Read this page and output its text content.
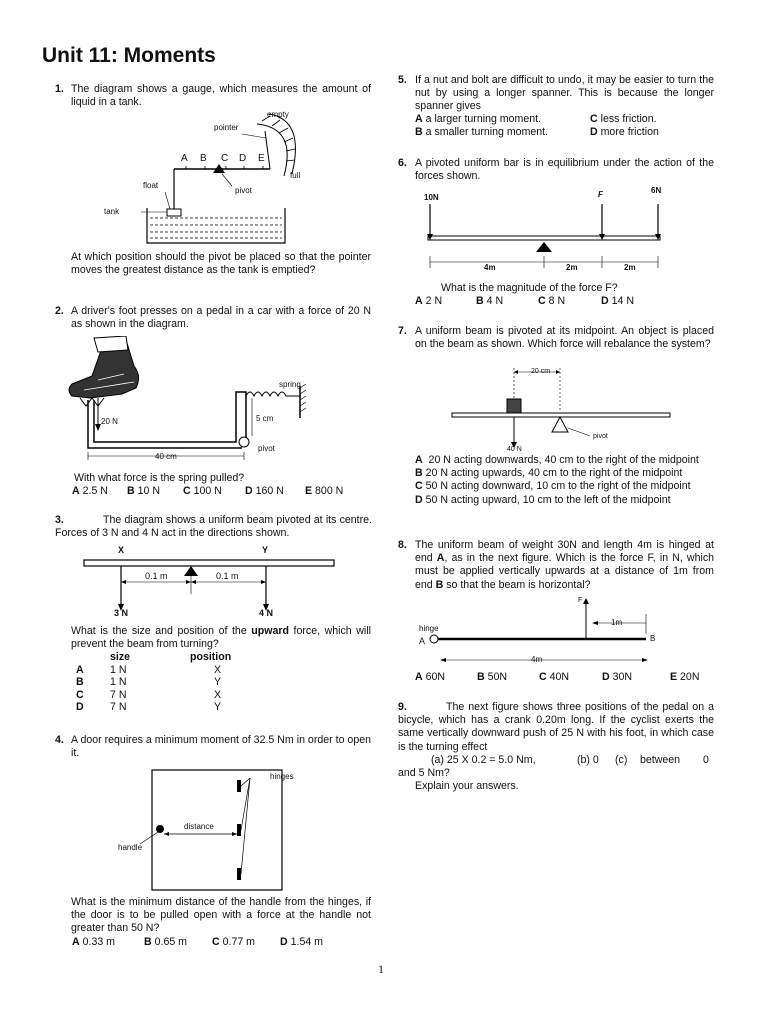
Unit 11: Moments
1. The diagram shows a gauge, which measures the amount of liquid in a tank.
empty
pointer
A B C D E
full
float
pivot
tank
At which position should the pivot be placed so that the pointer moves the greatest distance as the tank is emptied?
2. A driver's foot presses on a pedal in a car with a force of 20 N as shown in the diagram.
spring
20 N	5 cm
pivot
40 cm
With what force is the spring pulled?
A 2.5 N	B 10 N	C 100 N	D 160 N	E 800 N
3.	The diagram shows a uniform beam pivoted at its centre. Forces of 3 N and 4 N act in the directions shown.
X	Y
0.1 m	0.1 m
3 N	4 N
What is the size and position of the upward force, which will prevent the beam from turning?
	size	position
A	1 N	X
B	1 N	Y
C	7 N	X
D	7 N	Y
4. A door requires a minimum moment of 32.5 Nm in order to open it.
hinges
distance
handle
What is the minimum distance of the handle from the hinges, if the door is to be pulled open with a force at the handle not greater than 50 N?
A 0.33 m	B 0.65 m	C 0.77 m	D 1.54 m
5. If a nut and bolt are difficult to undo, it may be easier to turn the nut by using a longer spanner. This is because the longer spanner gives
A a larger turning moment.	C less friction.
B a smaller turning moment.	D more friction
6. A pivoted uniform bar is in equilibrium under the action of the forces shown.
10N	F	6N
4m	2m	2m
What is the magnitude of the force F?
A 2 N	B 4 N	C 8 N	D 14 N
7. A uniform beam is pivoted at its midpoint. An object is placed on the beam as shown. Which force will rebalance the system?
20 cm
40 N
pivot
A 20 N acting downwards, 40 cm to the right of the midpoint
B 20 N acting upwards, 40 cm to the right of the midpoint
C 50 N acting downward, 10 cm to the right of the midpoint
D 50 N acting upward, 10 cm to the left of the midpoint
8. The uniform beam of weight 30N and length 4m is hinged at end A, as in the next figure. Which is the force F, in N, which must be applied vertically upwards at a distance of 1m from end B so that the beam is horizontal?
F
1m
hinge
A	B
4m
A 60N	B 50N	C 40N	D 30N	E 20N
9.	The next figure shows three positions of the pedal on a bicycle, which has a crank 0.20m long. If the cyclist exerts the same vertically downward push of 25 N with his foot, in which case is the turning effect
(a) 25 X 0.2 = 5.0 Nm,	(b) 0	(c)	between	0
and 5 Nm?
Explain your answers.
1
